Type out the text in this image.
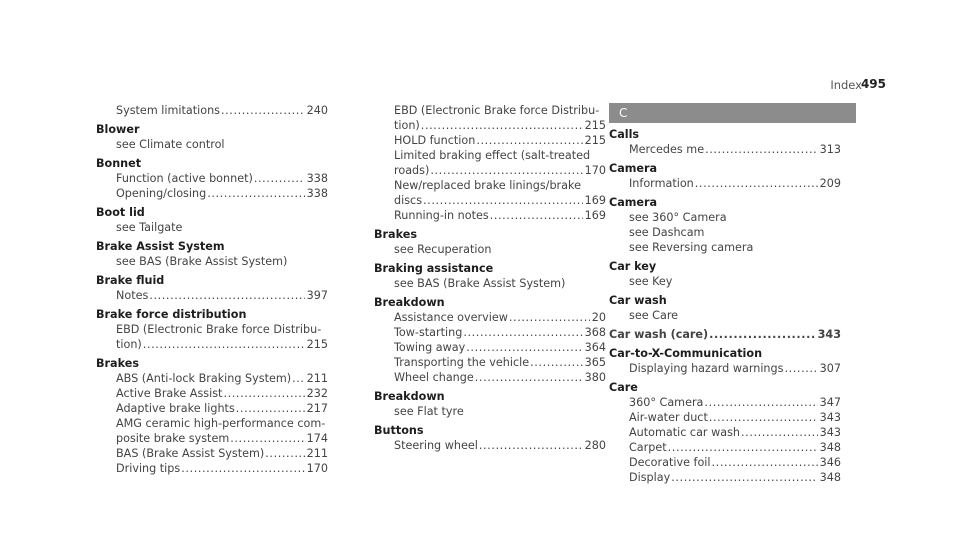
Index
495
System limitations .....
	240
Blower
see Climate control
Bonnet
Function (active bonnet) .....
	338
Opening/closing .....
	338
Boot lid
see Tailgate
Brake Assist System
see BAS (Brake Assist System)
Brake fluid
Notes .....
	397
Brake force distribution
EBD (Electronic Brake force Distribu-
tion) .....
	215
Brakes
ABS (Anti-lock Braking System) .....
	211
Active Brake Assist .....
	232
Adaptive brake lights .....
	217
AMG ceramic high-performance com-
posite brake system .....
	174
BAS (Brake Assist System) .....
	211
Driving tips .....
	170
EBD (Electronic Brake force Distribu-
tion) .....
	215
HOLD function .....
	215
Limited braking effect (salt-treated
roads) .....
	170
New/replaced brake linings/brake
discs .....
	169
Running-in notes .....
	169
Brakes
see Recuperation
Braking assistance
see BAS (Brake Assist System)
Breakdown
Assistance overview .....
	20
Tow-starting .....
	368
Towing away .....
	364
Transporting the vehicle .....
	365
Wheel change .....
	380
Breakdown
see Flat tyre
Buttons
Steering wheel .....
	280
C
Calls
Mercedes me .....
	313
Camera
Information .....
	209
Camera
see 360° Camera
see Dashcam
see Reversing camera
Car key
see Key
Car wash
see Care
Car wash (care) .....
	343
Car-to-X-Communication
Displaying hazard warnings .....
	307
Care
360° Camera .....
	347
Air-water duct .....
	343
Automatic car wash .....
	343
Carpet .....
	348
Decorative foil .....
	346
Display .....
	348
